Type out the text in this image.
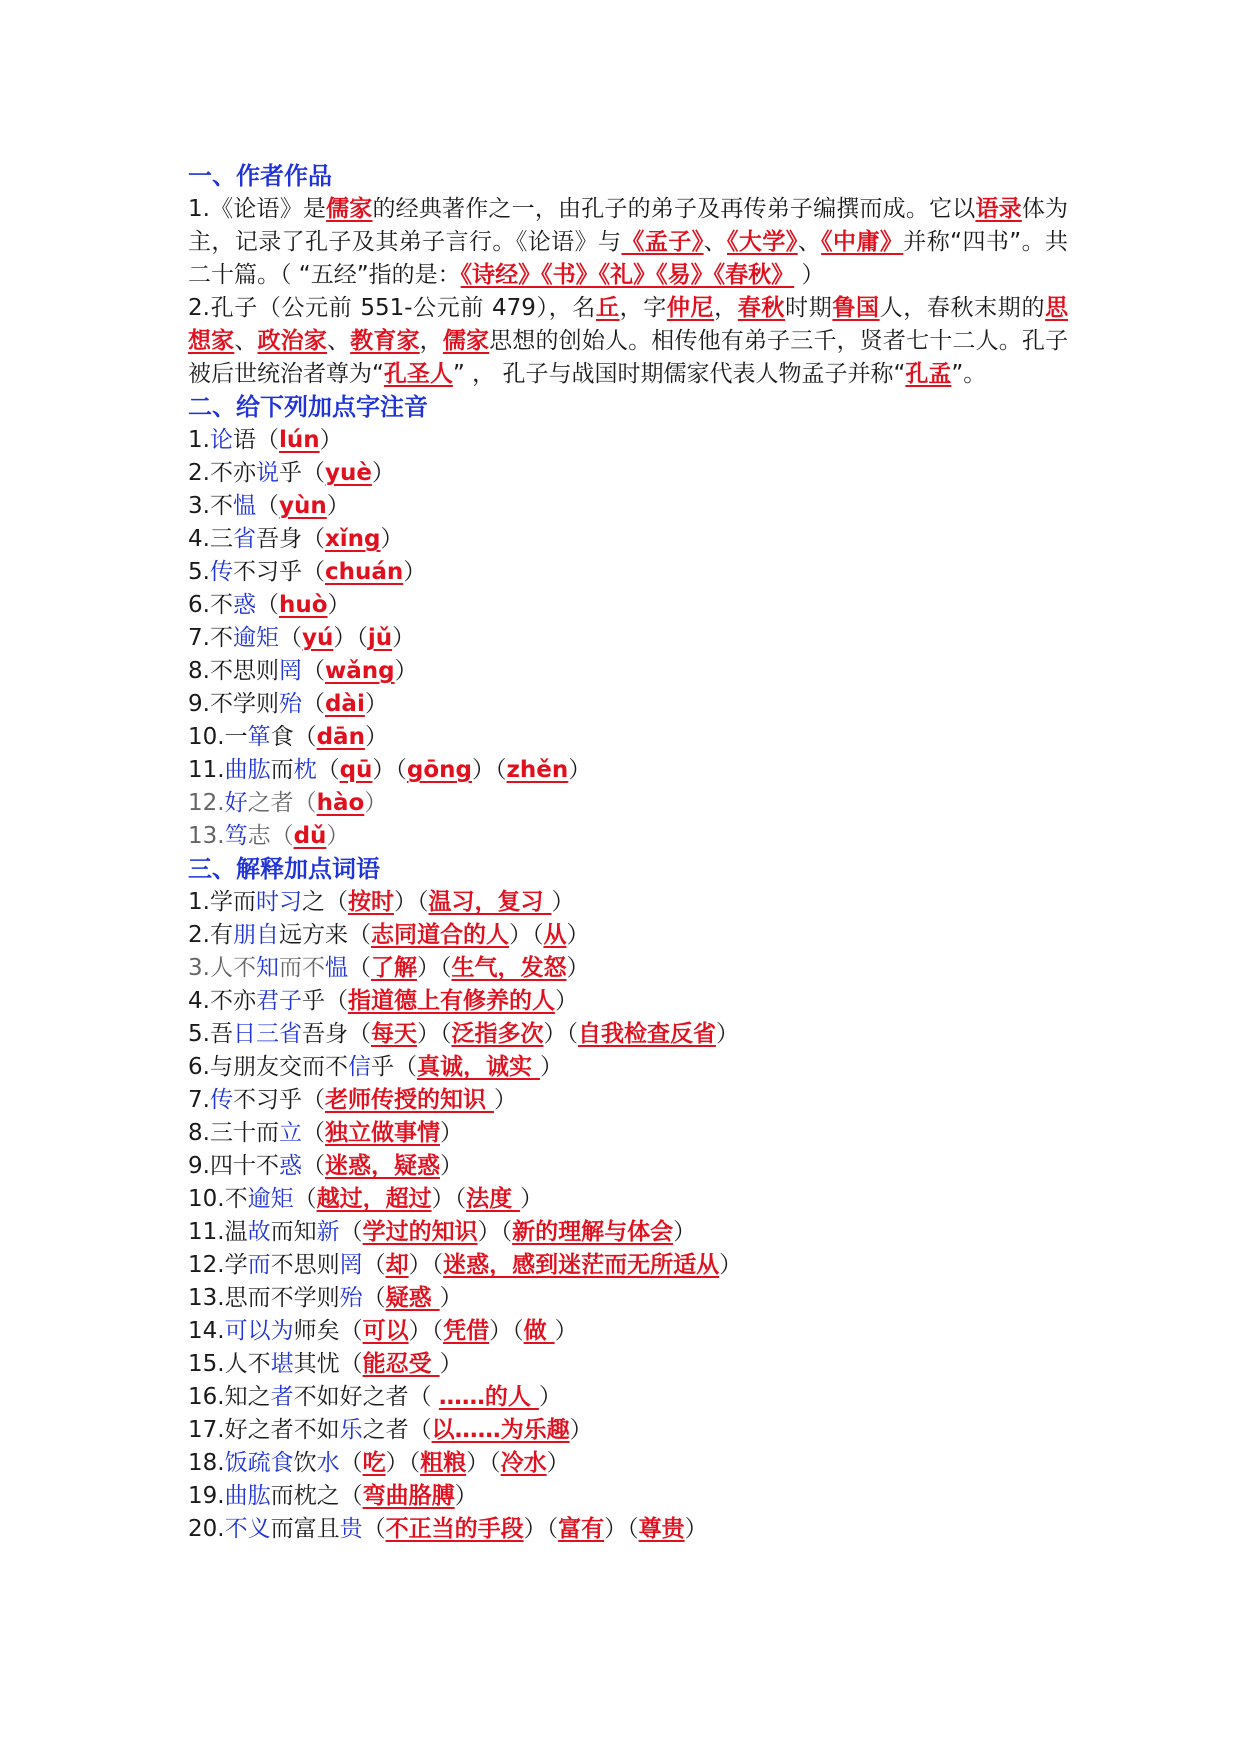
一、作者作品

1.《论语》是儒家的经典著作之一，由孔子的弟子及再传弟子编撰而成。它以语录体为主，记录了孔子及其弟子言行。《论语》与《孟子》、《大学》、《中庸》并称“四书”。共二十篇。（ “五经”指的是：《诗经》《书》《礼》《易》《春秋》 ）

2.孔子（公元前 551-公元前 479），名丘，字仲尼，春秋时期鲁国人，春秋末期的思想家、政治家、教育家，儒家思想的创始人。相传他有弟子三千，贤者七十二人。孔子被后世统治者尊为“孔圣人” ， 孔子与战国时期儒家代表人物孟子并称“孔孟”。

二、给下列加点字注音
1.论语（lún）
2.不亦说乎（yuè）
3.不愠（yùn）
4.三省吾身（xǐng）
5.传不习乎（chuán）
6.不惑（huò）
7.不逾矩（yú）（jǔ）
8.不思则罔（wǎng）
9.不学则殆（dài）
10.一箪食（dān）
11.曲肱而枕（qū）（gōng）（zhěn）
12.好之者（hào）
13.笃志（dǔ）
三、解释加点词语
1.学而时习之（按时）（温习，复习 ）
2.有朋自远方来（志同道合的人）（从）
3.人不知而不愠（了解）（生气，发怒）
4.不亦君子乎（指道德上有修养的人）
5.吾日三省吾身（每天）（泛指多次）（自我检查反省）
6.与朋友交而不信乎（真诚，诚实 ）
7.传不习乎（老师传授的知识 ）
8.三十而立（独立做事情）
9.四十不惑（迷惑，疑惑）
10.不逾矩（越过，超过）（法度 ）
11.温故而知新（学过的知识）（新的理解与体会）
12.学而不思则罔（却）（迷惑，感到迷茫而无所适从）
13.思而不学则殆（疑惑 ）
14.可以为师矣（可以）（凭借）（做 ）
15.人不堪其忧（能忍受 ）
16.知之者不如好之者（ ……的人 ）
17.好之者不如乐之者（以……为乐趣）
18.饭疏食饮水（吃）（粗粮）（冷水）
19.曲肱而枕之（弯曲胳膊）
20.不义而富且贵（不正当的手段）（富有）（尊贵）
